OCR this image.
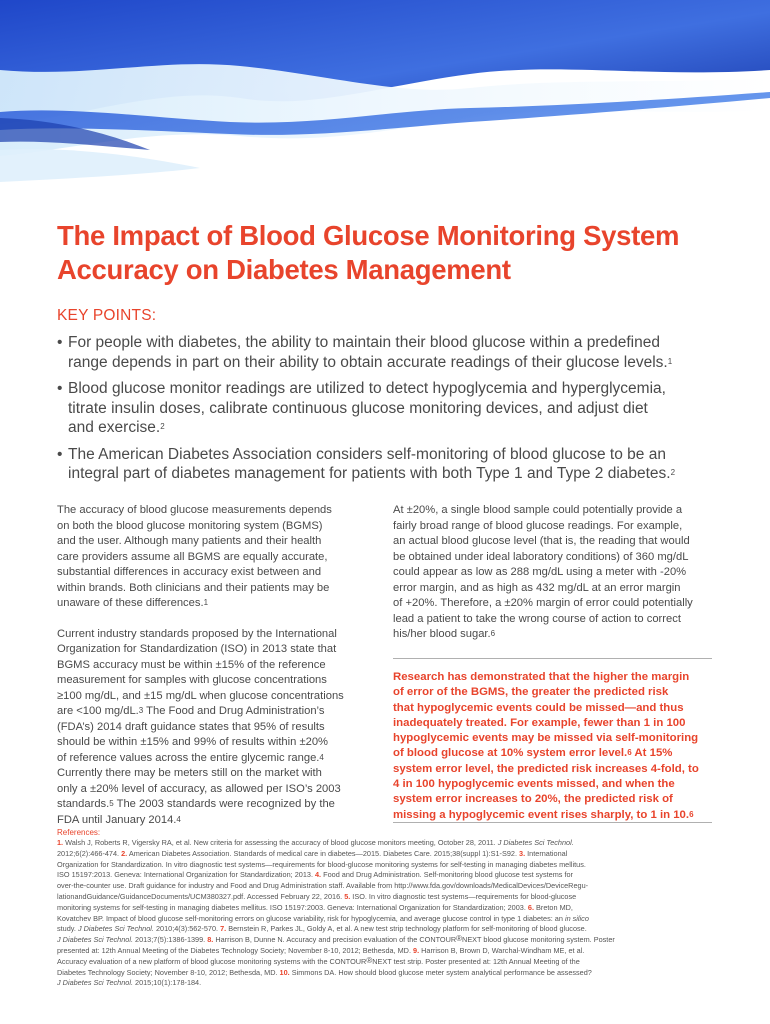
The Impact of Blood Glucose Monitoring System
Accuracy on Diabetes Management
KEY POINTS:
• For people with diabetes, the ability to maintain their blood glucose within a predefined
range depends in part on their ability to obtain accurate readings of their glucose levels.$^1$
• Blood glucose monitor readings are utilized to detect hypoglycemia and hyperglycemia,
titrate insulin doses, calibrate continuous glucose monitoring devices, and adjust diet
and exercise.$^2$
• The American Diabetes Association considers self-monitoring of blood glucose to be an
integral part of diabetes management for patients with both Type 1 and Type 2 diabetes.$^2$

The accuracy of blood glucose measurements depends
on both the blood glucose monitoring system (BGMS)
and the user. Although many patients and their health
care providers assume all BGMS are equally accurate,
substantial differences in accuracy exist between and
within brands. Both clinicians and their patients may be
unaware of these differences.$^1$

Current industry standards proposed by the International
Organization for Standardization (ISO) in 2013 state that
BGMS accuracy must be within ±15% of the reference
measurement for samples with glucose concentrations
≥100 mg/dL, and ±15 mg/dL when glucose concentrations
are <100 mg/dL.$^3$ The Food and Drug Administration’s
(FDA’s) 2014 draft guidance states that 95% of results
should be within ±15% and 99% of results within ±20%
of reference values across the entire glycemic range.$^4$
Currently there may be meters still on the market with
only a ±20% level of accuracy, as allowed per ISO’s 2003
standards.$^5$ The 2003 standards were recognized by the
FDA until January 2014.$^4$

At ±20%, a single blood sample could potentially provide a
fairly broad range of blood glucose readings. For example,
an actual blood glucose level (that is, the reading that would
be obtained under ideal laboratory conditions) of 360 mg/dL
could appear as low as 288 mg/dL using a meter with -20%
error margin, and as high as 432 mg/dL at an error margin
of +20%. Therefore, a ±20% margin of error could potentially
lead a patient to take the wrong course of action to correct
his/her blood sugar.$^6$

Research has demonstrated that the higher the margin
of error of the BGMS, the greater the predicted risk
that hypoglycemic events could be missed—and thus
inadequately treated. For example, fewer than 1 in 100
hypoglycemic events may be missed via self-monitoring
of blood glucose at 10% system error level.$^6$ At 15%
system error level, the predicted risk increases 4-fold, to
4 in 100 hypoglycemic events missed, and when the
system error increases to 20%, the predicted risk of
missing a hypoglycemic event rises sharply, to 1 in 10.$^6$

References:

1. Walsh J, Roberts R, Vigersky RA, et al. New criteria for assessing the accuracy of blood glucose monitors meeting, October 28, 2011. J Diabetes Sci Technol.
2012;6(2):466-474. 2. American Diabetes Association. Standards of medical care in diabetes—2015. Diabetes Care. 2015;38(suppl 1):S1-S92. 3. International
Organization for Standardization. In vitro diagnostic test systems—requirements for blood-glucose monitoring systems for self-testing in managing diabetes mellitus.
ISO 15197:2013. Geneva: International Organization for Standardization; 2013. 4. Food and Drug Administration. Self-monitoring blood glucose test systems for
over-the-counter use. Draft guidance for industry and Food and Drug Administration staff. Available from http://www.fda.gov/downloads/MedicalDevices/DeviceRegu-
lationandGuidance/GuidanceDocuments/UCM380327.pdf. Accessed February 22, 2016. 5. ISO. In vitro diagnostic test systems—requirements for blood-glucose
monitoring systems for self-testing in managing diabetes mellitus. ISO 15197:2003. Geneva: International Organization for Standardization; 2003. 6. Breton MD,
Kovatchev BP. Impact of blood glucose self-monitoring errors on glucose variability, risk for hypoglycemia, and average glucose control in type 1 diabetes: an in silico
study. J Diabetes Sci Technol. 2010;4(3):562-570. 7. Bernstein R, Parkes JL, Goldy A, et al. A new test strip technology platform for self-monitoring of blood glucose.
J Diabetes Sci Technol. 2013;7(5):1386-1399. 8. Harrison B, Dunne N. Accuracy and precision evaluation of the CONTOUR®NEXT blood glucose monitoring system. Poster
presented at: 12th Annual Meeting of the Diabetes Technology Society; November 8-10, 2012; Bethesda, MD. 9. Harrison B, Brown D, Warchal-Windham ME, et al.
Accuracy evaluation of a new platform of blood glucose monitoring systems with the CONTOUR®NEXT test strip. Poster presented at: 12th Annual Meeting of the
Diabetes Technology Society; November 8-10, 2012; Bethesda, MD. 10. Simmons DA. How should blood glucose meter system analytical performance be assessed?
J Diabetes Sci Technol. 2015;10(1):178-184.
